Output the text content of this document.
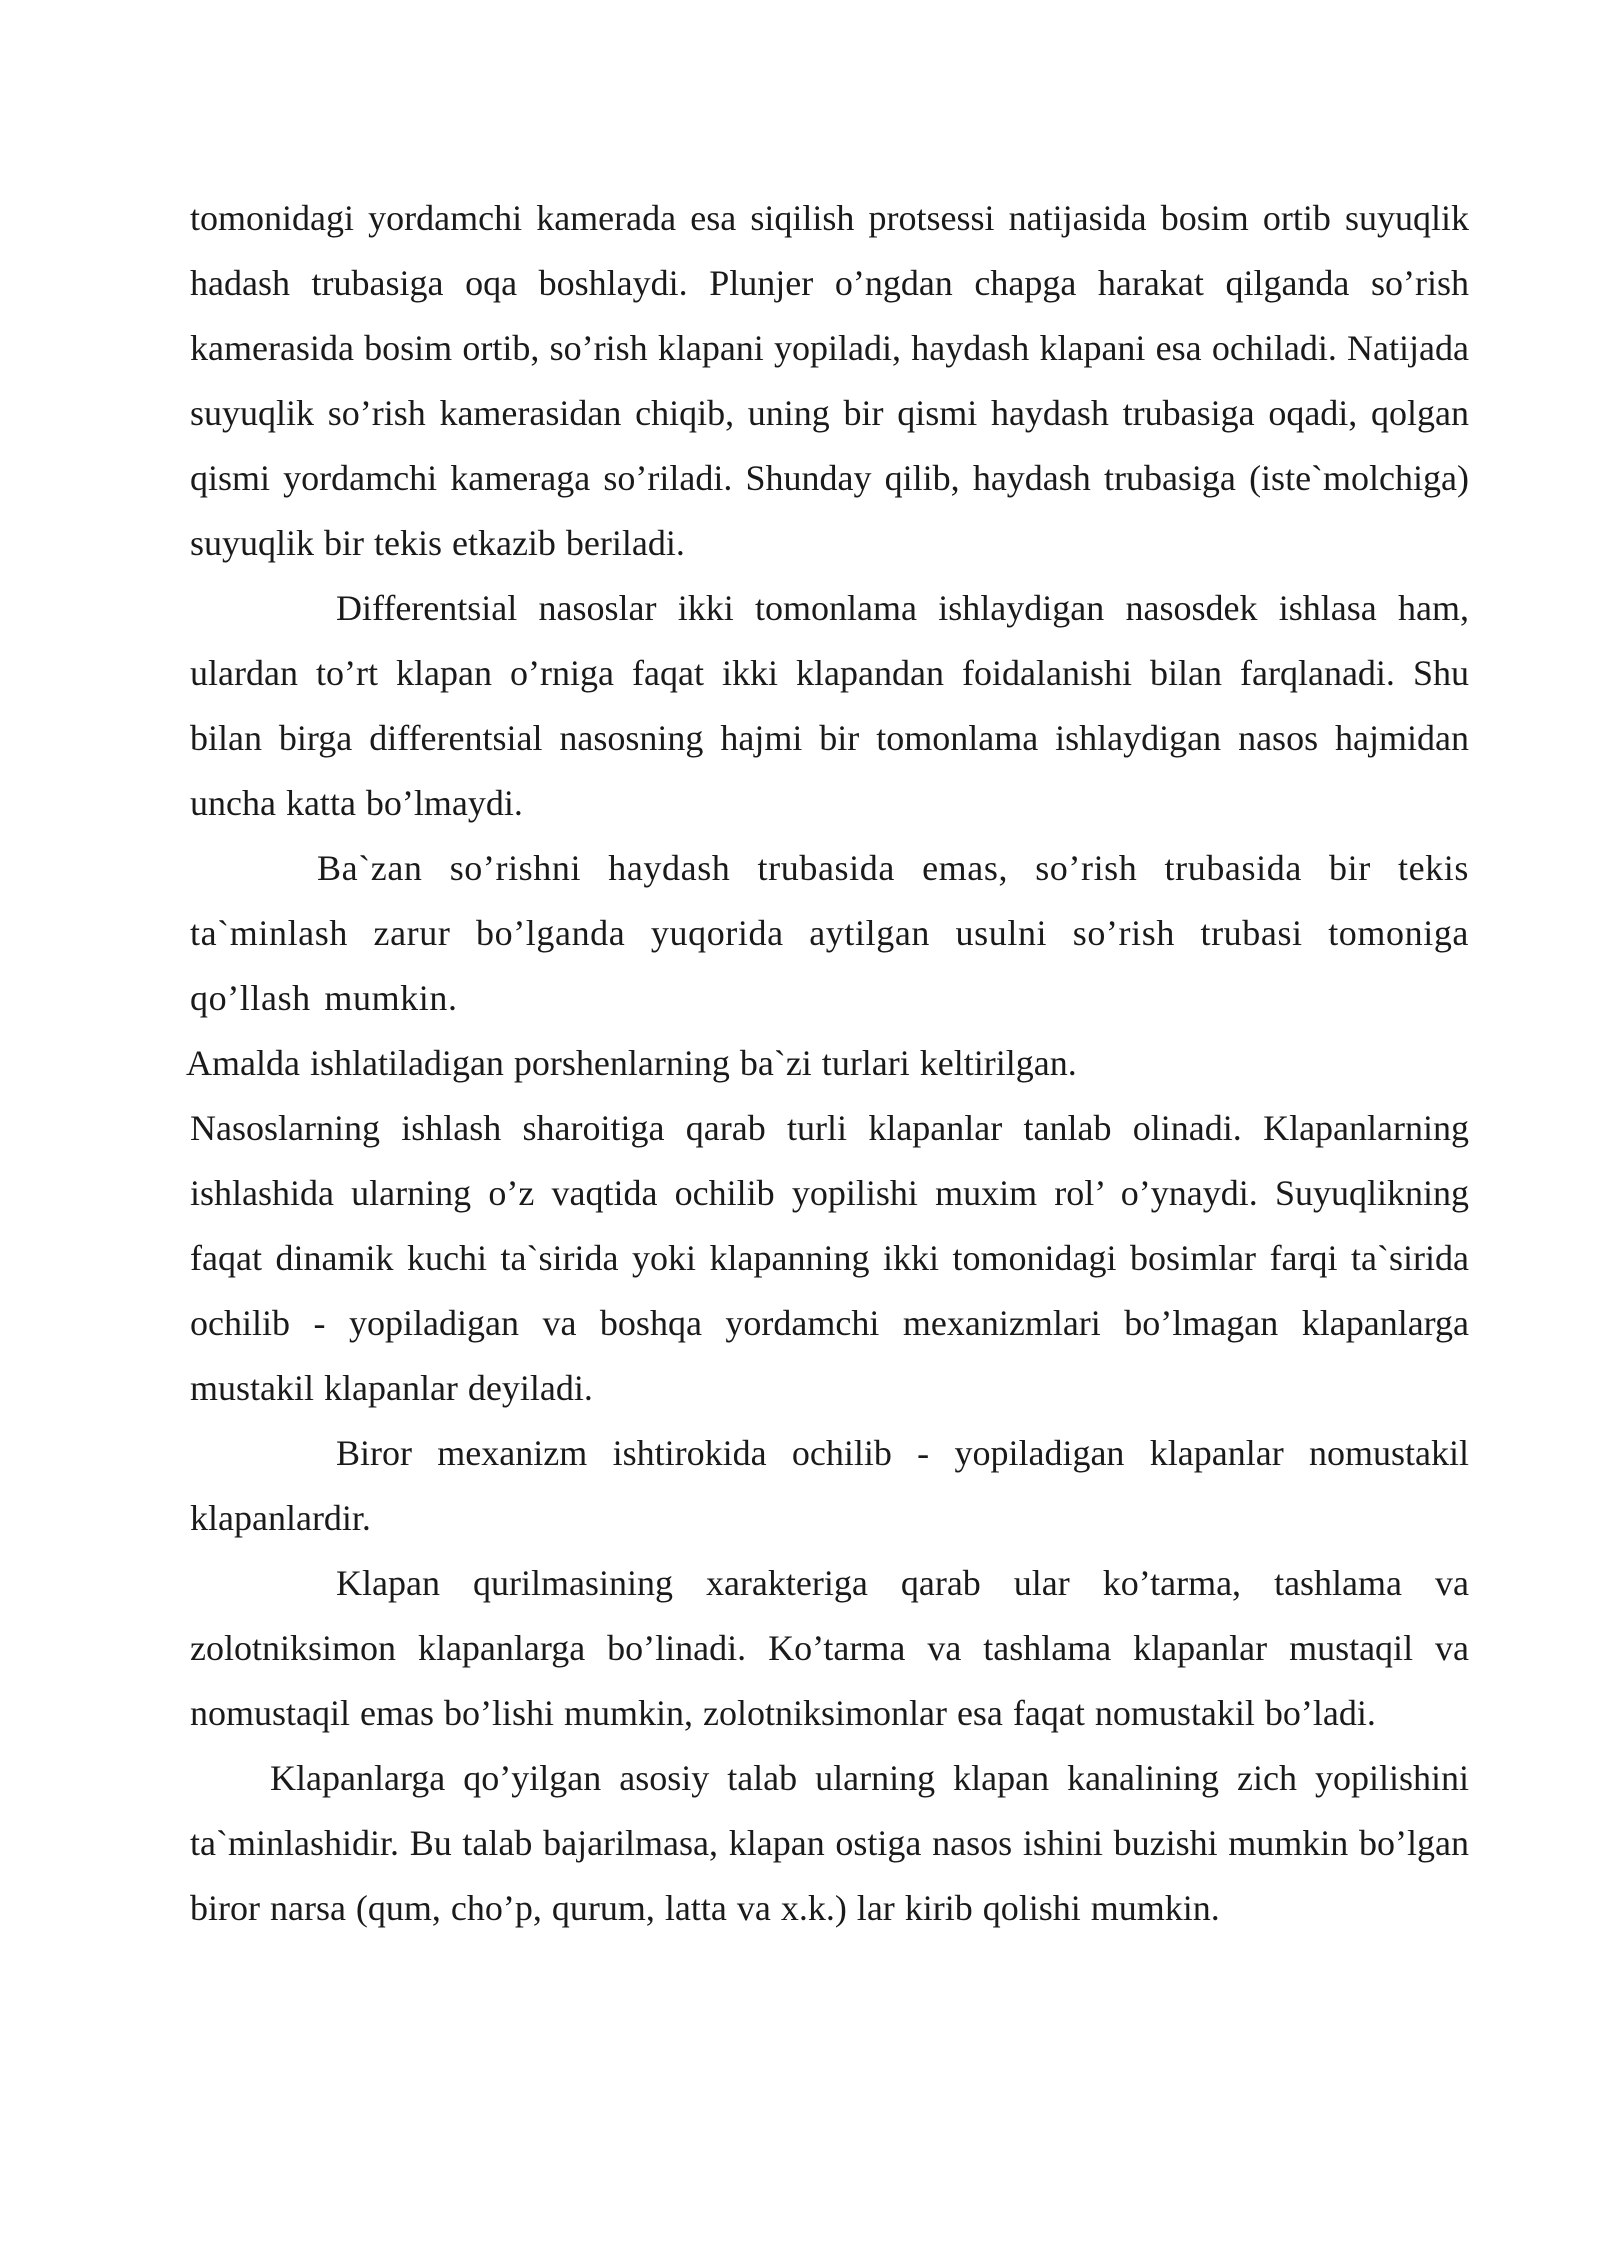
tomonidagi yordamchi kamerada esa siqilish protsessi natijasida bosim ortib suyuqlik hadash trubasiga oqa boshlaydi. Plunjer o’ngdan chapga harakat qilganda so’rish kamerasida bosim ortib, so’rish klapani yopiladi, haydash klapani esa ochiladi. Natijada suyuqlik so’rish kamerasidan chiqib, uning bir qismi haydash trubasiga oqadi, qolgan qismi yordamchi kameraga so’riladi. Shunday qilib, haydash trubasiga (iste`molchiga) suyuqlik bir tekis etkazib beriladi.

Differentsial nasoslar ikki tomonlama ishlaydigan nasosdek ishlasa ham, ulardan to’rt klapan o’rniga faqat ikki klapandan foidalanishi bilan farqlanadi. Shu bilan birga differentsial nasosning hajmi bir tomonlama ishlaydigan nasos hajmidan uncha katta bo’lmaydi.

Ba`zan so’rishni haydash trubasida emas, so’rish trubasida bir tekis ta`minlash zarur bo’lganda yuqorida aytilgan usulni so’rish trubasi tomoniga qo’llash mumkin.

Amalda ishlatiladigan porshenlarning ba`zi turlari keltirilgan.

Nasoslarning ishlash sharoitiga qarab turli klapanlar tanlab olinadi. Klapanlarning ishlashida ularning o’z vaqtida ochilib yopilishi muxim rol’ o’ynaydi. Suyuqlikning faqat dinamik kuchi ta`sirida yoki klapanning ikki tomonidagi bosimlar farqi ta`sirida ochilib - yopiladigan va boshqa yordamchi mexanizmlari bo’lmagan klapanlarga mustakil klapanlar deyiladi.

Biror mexanizm ishtirokida ochilib - yopiladigan klapanlar nomustakil klapanlardir.

Klapan qurilmasining xarakteriga qarab ular ko’tarma, tashlama va zolotniksimon klapanlarga bo’linadi. Ko’tarma va tashlama klapanlar mustaqil va nomustaqil emas bo’lishi mumkin, zolotniksimonlar esa faqat nomustakil bo’ladi.

Klapanlarga qo’yilgan asosiy talab ularning klapan kanalining zich yopilishini ta`minlashidir. Bu talab bajarilmasa, klapan ostiga nasos ishini buzishi mumkin bo’lgan biror narsa (qum, cho’p, qurum, latta va x.k.) lar kirib qolishi mumkin.
